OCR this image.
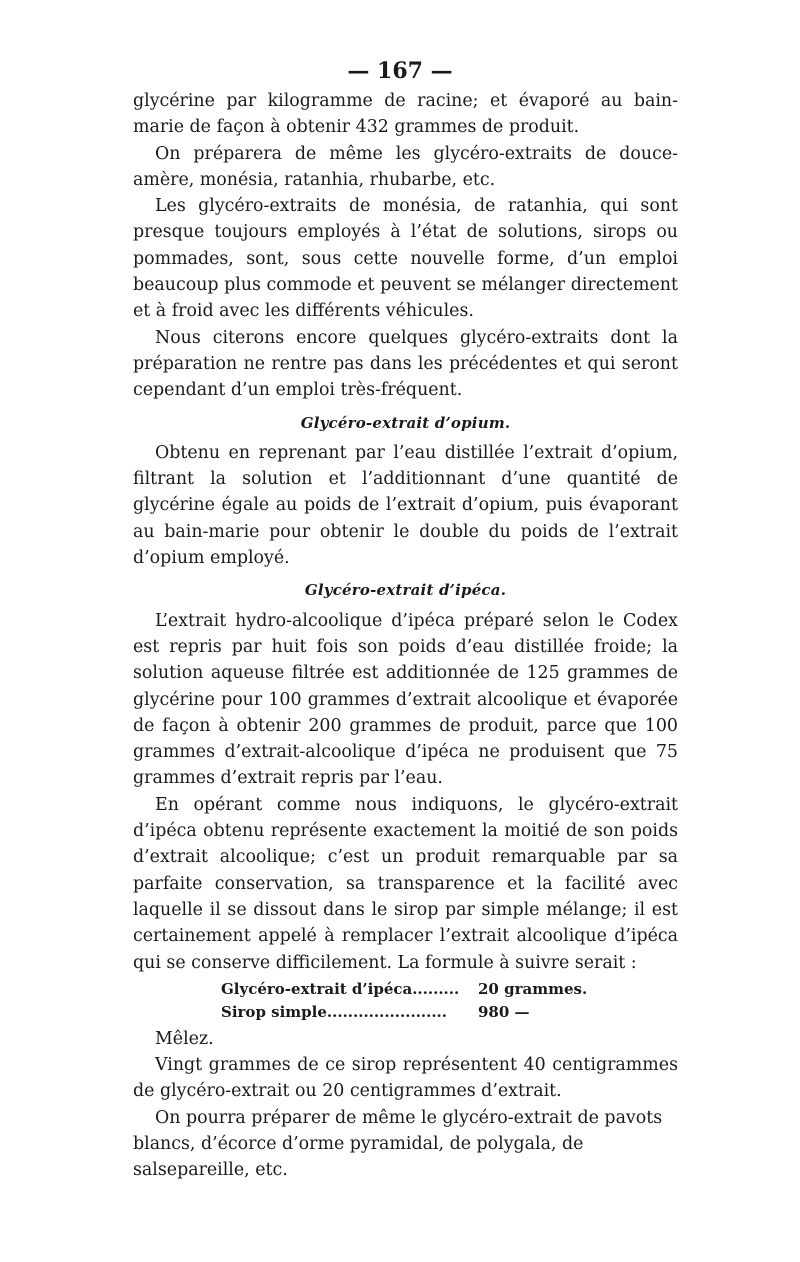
— 167 —

glycérine par kilogramme de racine; et évaporé au bain-marie de façon à obtenir 432 grammes de produit.

On préparera de même les glycéro-extraits de douce-amère, monésia, ratanhia, rhubarbe, etc.

Les glycéro-extraits de monésia, de ratanhia, qui sont presque toujours employés à l’état de solutions, sirops ou pommades, sont, sous cette nouvelle forme, d’un emploi beaucoup plus commode et peuvent se mélanger directement et à froid avec les différents véhicules.

Nous citerons encore quelques glycéro-extraits dont la préparation ne rentre pas dans les précédentes et qui seront cependant d’un emploi très-fréquent.

Glycéro-extrait d’opium.

Obtenu en reprenant par l’eau distillée l’extrait d’opium, filtrant la solution et l’additionnant d’une quantité de glycérine égale au poids de l’extrait d’opium, puis évaporant au bain-marie pour obtenir le double du poids de l’extrait d’opium employé.

Glycéro-extrait d’ipéca.

L’extrait hydro-alcoolique d’ipéca préparé selon le Codex est repris par huit fois son poids d’eau distillée froide; la solution aqueuse filtrée est additionnée de 125 grammes de glycérine pour 100 grammes d’extrait alcoolique et évaporée de façon à obtenir 200 grammes de produit, parce que 100 grammes d’extrait-alcoolique d’ipéca ne produisent que 75 grammes d’extrait repris par l’eau.

En opérant comme nous indiquons, le glycéro-extrait d’ipéca obtenu représente exactement la moitié de son poids d’extrait alcoolique; c’est un produit remarquable par sa parfaite conservation, sa transparence et la facilité avec laquelle il se dissout dans le sirop par simple mélange; il est certainement appelé à remplacer l’extrait alcoolique d’ipéca qui se conserve difficilement. La formule à suivre serait :

Glycéro-extrait d’ipéca.........	20 grammes.
Sirop simple.......................	980 —

Mêlez.

Vingt grammes de ce sirop représentent 40 centigrammes de glycéro-extrait ou 20 centigrammes d’extrait.

On pourra préparer de même le glycéro-extrait de pavots blancs, d’écorce d’orme pyramidal, de polygala, de salsepareille, etc.
